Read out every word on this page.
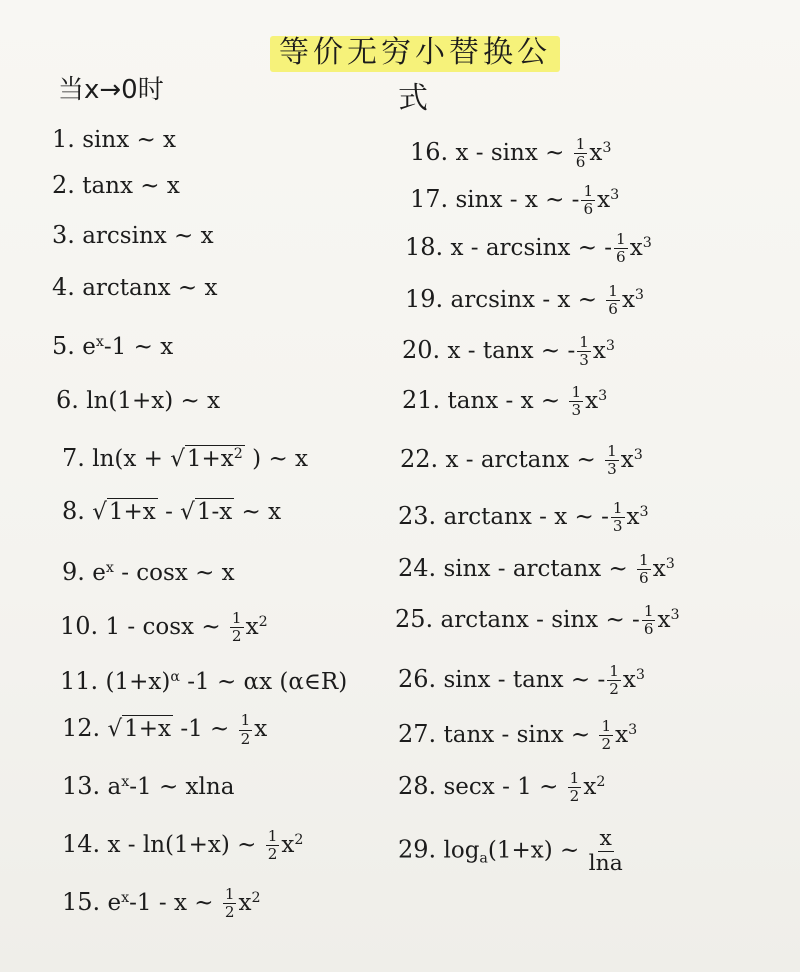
等价无穷小替换公式
当x→0时
1. sinx ~ x
2. tanx ~ x
3. arcsinx ~ x
4. arctanx ~ x
5. $e^x-1$ ~ x
6. ln(1+x) ~ x
7. $\ln(x + √1+x^2$ ) ~ x
8. √1+x - √1-x ~ x
9. $e^x$ - cosx ~ x
10. 1 - cosx ~ $\frac{1}{2} x^2$
11. $(1+x)^\alpha$ -1 ~ αx (α∈R)
12. √1+x -1 ~ $\frac{1}{2}$ x
13. $a^x-1$ ~ xlna
14. x - ln(1+x) ~ $\frac{1}{2} x^2$
15. $e^x-1$ - x ~ $\frac{1}{2} x^2$
16. x - sinx ~ $\frac{1}{6} x^3$
17. sinx - x ~ - $\frac{1}{6} x^3$
18. x - arcsinx ~ - $\frac{1}{6} x^3$
19. arcsinx - x ~ $\frac{1}{6} x^3$
20. x - tanx ~ - $\frac{1}{3} x^3$
21. tanx - x ~ $\frac{1}{3} x^3$
22. x - arctanx ~ $\frac{1}{3} x^3$
23. arctanx - x ~ - $\frac{1}{3} x^3$
24. sinx - arctanx ~ $\frac{1}{6} x^3$
25. arctanx - sinx ~ - $\frac{1}{6} x^3$
26. sinx - tanx ~ - $\frac{1}{2} x^3$
27. tanx - sinx ~ $\frac{1}{2} x^3$
28. secx - 1 ~ $\frac{1}{2} x^2$
29. $\log_a(1+x)$ ~ $\frac{x}{\ln a}$
